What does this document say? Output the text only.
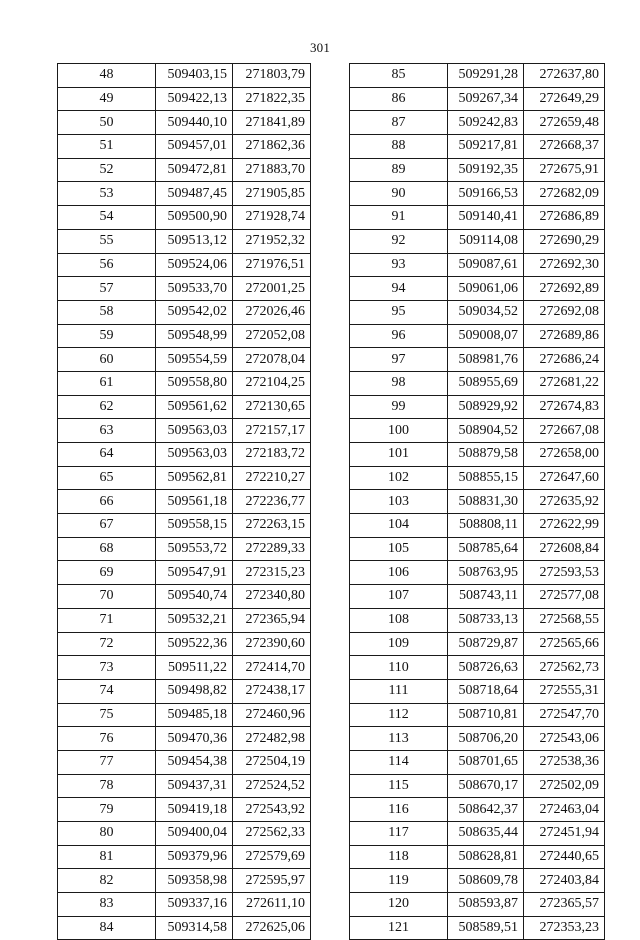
301
48	509403,15	271803,79
49	509422,13	271822,35
50	509440,10	271841,89
51	509457,01	271862,36
52	509472,81	271883,70
53	509487,45	271905,85
54	509500,90	271928,74
55	509513,12	271952,32
56	509524,06	271976,51
57	509533,70	272001,25
58	509542,02	272026,46
59	509548,99	272052,08
60	509554,59	272078,04
61	509558,80	272104,25
62	509561,62	272130,65
63	509563,03	272157,17
64	509563,03	272183,72
65	509562,81	272210,27
66	509561,18	272236,77
67	509558,15	272263,15
68	509553,72	272289,33
69	509547,91	272315,23
70	509540,74	272340,80
71	509532,21	272365,94
72	509522,36	272390,60
73	509511,22	272414,70
74	509498,82	272438,17
75	509485,18	272460,96
76	509470,36	272482,98
77	509454,38	272504,19
78	509437,31	272524,52
79	509419,18	272543,92
80	509400,04	272562,33
81	509379,96	272579,69
82	509358,98	272595,97
83	509337,16	272611,10
84	509314,58	272625,06
85	509291,28	272637,80
86	509267,34	272649,29
87	509242,83	272659,48
88	509217,81	272668,37
89	509192,35	272675,91
90	509166,53	272682,09
91	509140,41	272686,89
92	509114,08	272690,29
93	509087,61	272692,30
94	509061,06	272692,89
95	509034,52	272692,08
96	509008,07	272689,86
97	508981,76	272686,24
98	508955,69	272681,22
99	508929,92	272674,83
100	508904,52	272667,08
101	508879,58	272658,00
102	508855,15	272647,60
103	508831,30	272635,92
104	508808,11	272622,99
105	508785,64	272608,84
106	508763,95	272593,53
107	508743,11	272577,08
108	508733,13	272568,55
109	508729,87	272565,66
110	508726,63	272562,73
111	508718,64	272555,31
112	508710,81	272547,70
113	508706,20	272543,06
114	508701,65	272538,36
115	508670,17	272502,09
116	508642,37	272463,04
117	508635,44	272451,94
118	508628,81	272440,65
119	508609,78	272403,84
120	508593,87	272365,57
121	508589,51	272353,23
